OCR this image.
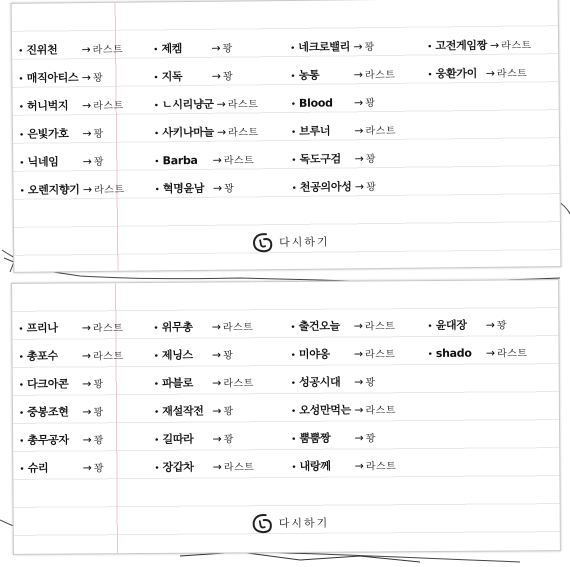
• 진위천 → 라스트	• 제켐	→ 꽝	• 네크로밸리 → 꽝	• 고전게임짱 → 라스트
• 매직아티스 → 꽝	• 지독	→ 꽝	• 농통	→ 라스트	• 웅환가이 → 라스트
• 허니벅지 → 라스트	• ㄴ시리냥군 → 라스트	• Blood → 꽝
• 은빛가호 → 꽝	• 사키나마늘 → 라스트	• 브루너 → 라스트
• 닉네임 → 꽝	• Barba → 라스트	• 독도구검 → 꽝
• 오렌지향기 → 라스트	• 혁명윤남 → 꽝	• 천공의아성 → 꽝
다시하기
• 프리나 → 라스트	• 위무총 → 라스트	• 출건오늘 → 라스트	• 윤대장 → 꽝
• 총포수 → 라스트	• 제닝스 → 꽝	• 미야옹 → 라스트	• shado → 라스트
• 다크아콘 → 꽝	• 파블로 → 라스트	• 성공시대 → 꽝
• 중봉조현 → 꽝	• 재설작전 → 꽝	• 오성만먹는 → 라스트
• 총무공자 → 꽝	• 길따라 → 꽝	• 뿜뿜짱 → 꽝
• 슈리	→ 꽝	• 장갑차 → 라스트	• 내랑께 → 라스트
다시하기
